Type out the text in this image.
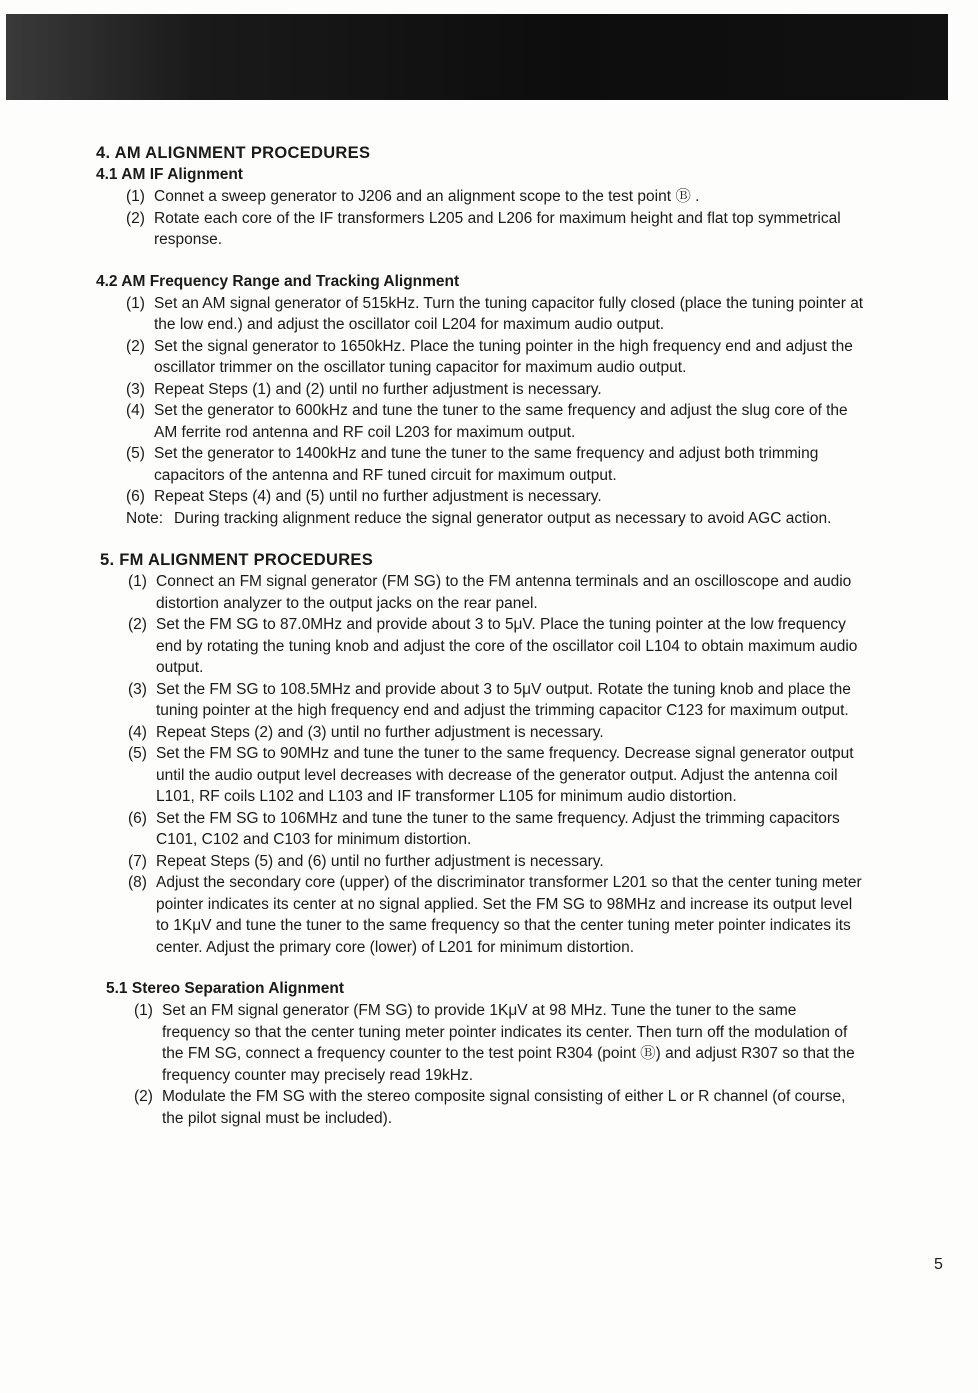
4. AM ALIGNMENT PROCEDURES
4.1 AM IF Alignment
(1) Connet a sweep generator to J206 and an alignment scope to the test point Ⓑ .
(2) Rotate each core of the IF transformers L205 and L206 for maximum height and flat top symmetrical response.
4.2 AM Frequency Range and Tracking Alignment
(1) Set an AM signal generator of 515kHz. Turn the tuning capacitor fully closed (place the tuning pointer at the low end.) and adjust the oscillator coil L204 for maximum audio output.
(2) Set the signal generator to 1650kHz. Place the tuning pointer in the high frequency end and adjust the oscillator trimmer on the oscillator tuning capacitor for maximum audio output.
(3) Repeat Steps (1) and (2) until no further adjustment is necessary.
(4) Set the generator to 600kHz and tune the tuner to the same frequency and adjust the slug core of the AM ferrite rod antenna and RF coil L203 for maximum output.
(5) Set the generator to 1400kHz and tune the tuner to the same frequency and adjust both trimming capacitors of the antenna and RF tuned circuit for maximum output.
(6) Repeat Steps (4) and (5) until no further adjustment is necessary.
Note: During tracking alignment reduce the signal generator output as necessary to avoid AGC action.
5. FM ALIGNMENT PROCEDURES
(1) Connect an FM signal generator (FM SG) to the FM antenna terminals and an oscilloscope and audio distortion analyzer to the output jacks on the rear panel.
(2) Set the FM SG to 87.0MHz and provide about 3 to 5μV. Place the tuning pointer at the low frequency end by rotating the tuning knob and adjust the core of the oscillator coil L104 to obtain maximum audio output.
(3) Set the FM SG to 108.5MHz and provide about 3 to 5μV output. Rotate the tuning knob and place the tuning pointer at the high frequency end and adjust the trimming capacitor C123 for maximum output.
(4) Repeat Steps (2) and (3) until no further adjustment is necessary.
(5) Set the FM SG to 90MHz and tune the tuner to the same frequency. Decrease signal generator output until the audio output level decreases with decrease of the generator output. Adjust the antenna coil L101, RF coils L102 and L103 and IF transformer L105 for minimum audio distortion.
(6) Set the FM SG to 106MHz and tune the tuner to the same frequency. Adjust the trimming capacitors C101, C102 and C103 for minimum distortion.
(7) Repeat Steps (5) and (6) until no further adjustment is necessary.
(8) Adjust the secondary core (upper) of the discriminator transformer L201 so that the center tuning meter pointer indicates its center at no signal applied. Set the FM SG to 98MHz and increase its output level to 1KμV and tune the tuner to the same frequency so that the center tuning meter pointer indicates its center. Adjust the primary core (lower) of L201 for minimum distortion.
5.1 Stereo Separation Alignment
(1) Set an FM signal generator (FM SG) to provide 1KμV at 98 MHz. Tune the tuner to the same frequency so that the center tuning meter pointer indicates its center. Then turn off the modulation of the FM SG, connect a frequency counter to the test point R304 (point Ⓑ) and adjust R307 so that the frequency counter may precisely read 19kHz.
(2) Modulate the FM SG with the stereo composite signal consisting of either L or R channel (of course, the pilot signal must be included).
5
